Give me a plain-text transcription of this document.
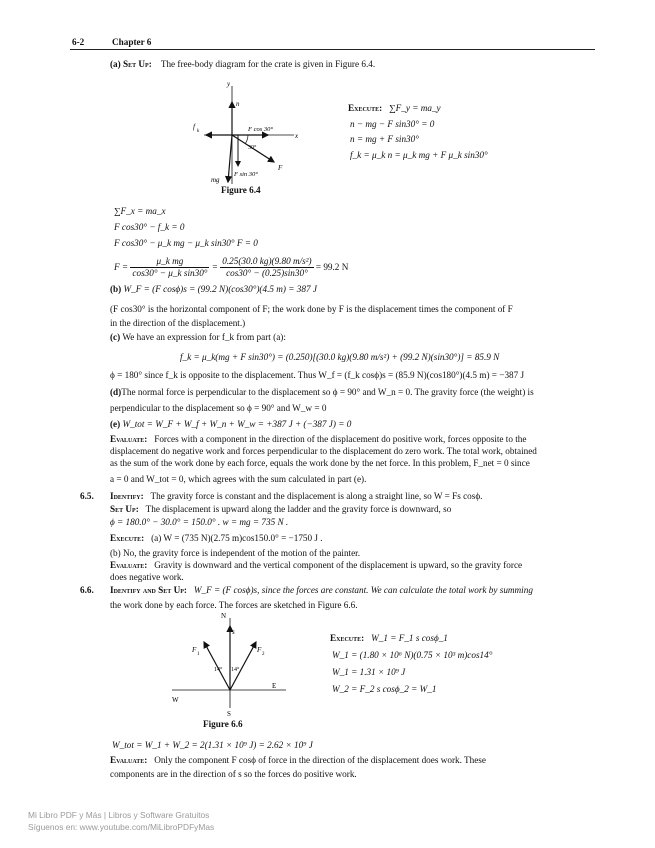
6-2	Chapter 6
(a) Set Up: The free-body diagram for the crate is given in Figure 6.4.
y
n
f
k	F cos 30°
x
30°
F
F sin 30°
mg
Figure 6.4
Execute: ∑F_y = ma_y
n − mg − F sin30° = 0
n = mg + F sin30°
f_k = μ_k n = μ_k mg + F μ_k sin30°
∑F_x = ma_x
F cos30° − f_k = 0
F cos30° − μ_k mg − μ_k sin30° F = 0
$F = \frac{\text{μ\_k mg}}{\text{cos30° − μ\_k sin30°}} = \frac{\text{0.25(30.0 kg)(9.80 m/s²)}}{\cos 30^\circ - (0.25)\sin 30^\circ} = 99.2$ N
(b) W_F = (F cosϕ)s = (99.2 N)(cos30°)(4.5 m) = 387 J
(F cos30° is the horizontal component of F; the work done by F is the displacement times the component of F
in the direction of the displacement.)
(c) We have an expression for f_k from part (a):
f_k = μ_k(mg + F sin30°) = (0.250)[(30.0 kg)(9.80 m/s²) + (99.2 N)(sin30°)] = 85.9 N
ϕ = 180° since f_k is opposite to the displacement. Thus W_f = (f_k cosϕ)s = (85.9 N)(cos180°)(4.5 m) = −387 J
(d)The normal force is perpendicular to the displacement so ϕ = 90° and W_n = 0. The gravity force (the weight) is
perpendicular to the displacement so ϕ = 90° and W_w = 0
(e) W_tot = W_F + W_f + W_n + W_w = +387 J + (−387 J) = 0
Evaluate: Forces with a component in the direction of the displacement do positive work, forces opposite to the
displacement do negative work and forces perpendicular to the displacement do zero work. The total work, obtained
as the sum of the work done by each force, equals the work done by the net force. In this problem, F_net = 0 since
a = 0 and W_tot = 0, which agrees with the sum calculated in part (e).
6.5. Identify: The gravity force is constant and the displacement is along a straight line, so W = Fs cosϕ.
Set Up: The displacement is upward along the ladder and the gravity force is downward, so
ϕ = 180.0° − 30.0° = 150.0° . w = mg = 735 N .
Execute: (a) W = (735 N)(2.75 m)cos150.0° = −1750 J .
(b) No, the gravity force is independent of the motion of the painter.
Evaluate: Gravity is downward and the vertical component of the displacement is upward, so the gravity force
does negative work.
6.6. Identify and Set Up: W_F = (F cosϕ)s, since the forces are constant. We can calculate the total work by summing
the work done by each force. The forces are sketched in Figure 6.6.
N
s
F
1
F
2
14° 14°
E
W
S
Figure 6.6
Execute: W_1 = F_1 s cosϕ_1
W_1 = (1.80 × 10⁶ N)(0.75 × 10³ m)cos14°
W_1 = 1.31 × 10⁹ J
W_2 = F_2 s cosϕ_2 = W_1
W_tot = W_1 + W_2 = 2(1.31 × 10⁹ J) = 2.62 × 10⁹ J
Evaluate: Only the component F cosϕ of force in the direction of the displacement does work. These
components are in the direction of s so the forces do positive work.
Mi Libro PDF y Más | Libros y Software Gratuitos
Síguenos en: www.youtube.com/MiLibroPDFyMas
